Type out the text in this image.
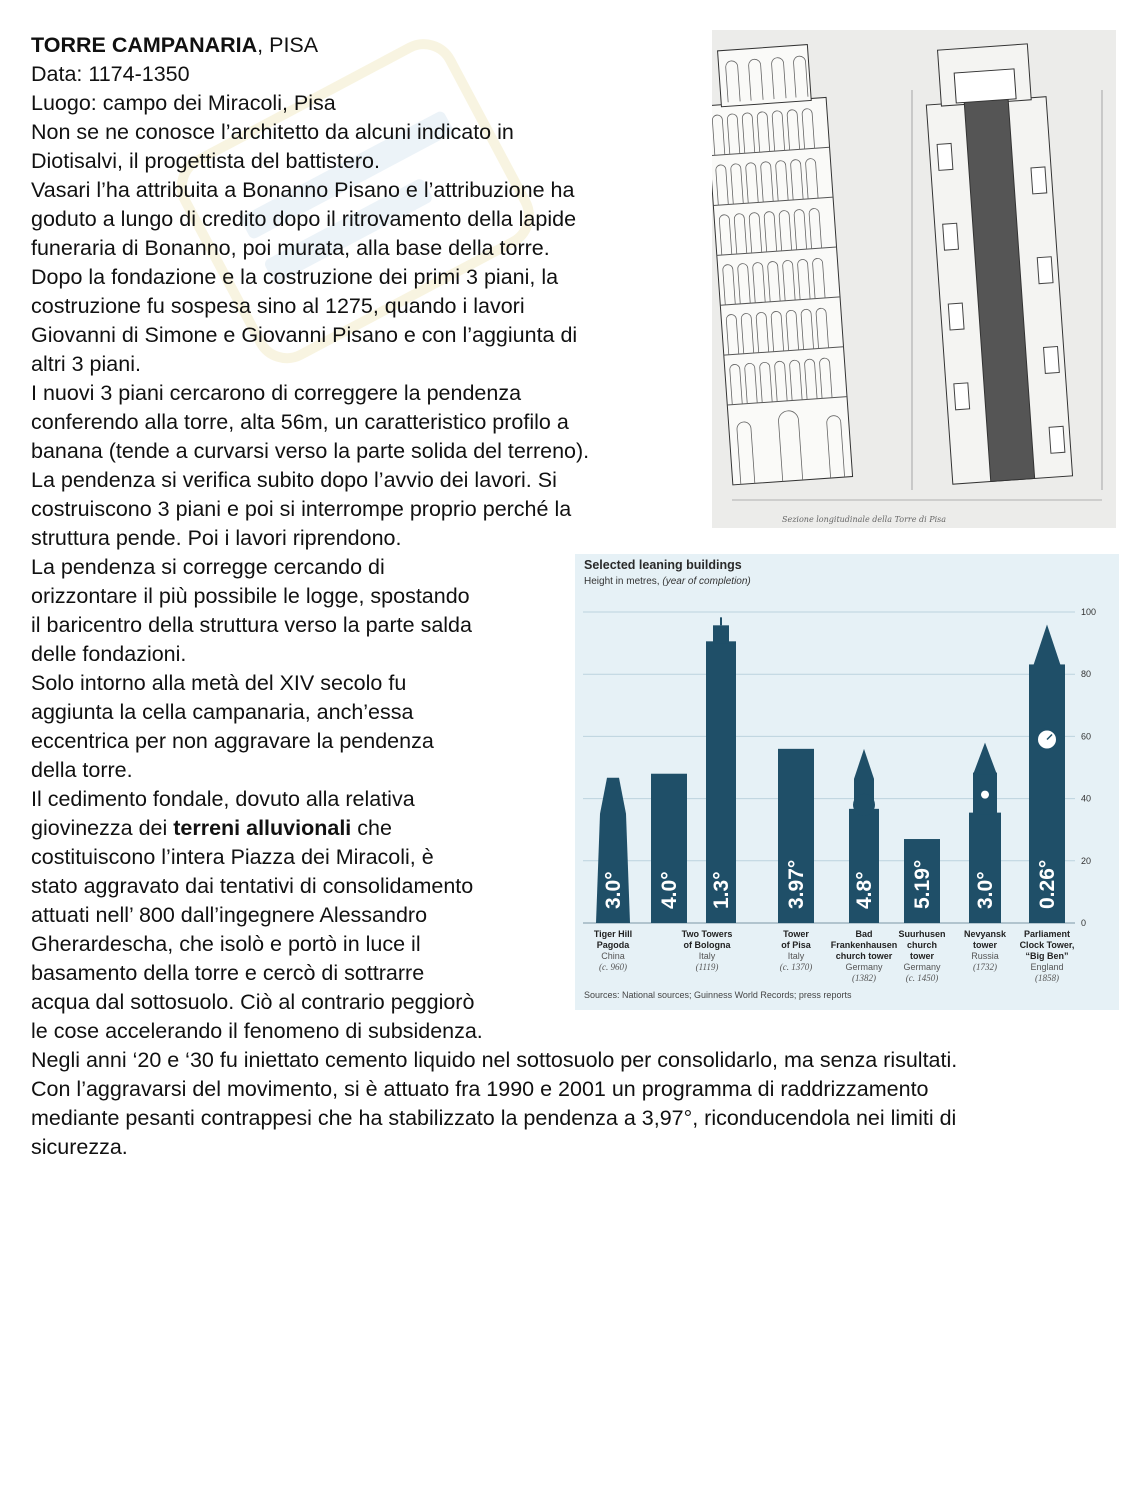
TORRE CAMPANARIA, PISA
Data: 1174-1350
Luogo: campo dei Miracoli, Pisa
Non se ne conosce l’architetto da alcuni indicato in
Diotisalvi, il progettista del battistero.
Vasari l’ha attribuita a Bonanno Pisano e l’attribuzione ha
goduto a lungo di credito dopo il ritrovamento della lapide
funeraria di Bonanno, poi murata, alla base della torre.
Dopo la fondazione e la costruzione dei primi 3 piani, la
costruzione fu sospesa sino al 1275, quando i lavori
Giovanni di Simone e Giovanni Pisano e con l’aggiunta di
altri 3 piani.
I nuovi 3 piani cercarono di correggere la pendenza
conferendo alla torre, alta 56m, un caratteristico profilo a
banana (tende a curvarsi verso la parte solida del terreno).
La pendenza si verifica subito dopo l’avvio dei lavori. Si
costruiscono 3 piani e poi si interrompe proprio perché la
struttura pende. Poi i lavori riprendono.
La pendenza si corregge cercando di
orizzontare il più possibile le logge, spostando
il baricentro della struttura verso la parte salda
delle fondazioni.
Solo intorno alla metà del XIV secolo fu
aggiunta la cella campanaria, anch’essa
eccentrica per non aggravare la pendenza
della torre.
Il cedimento fondale, dovuto alla relativa
giovinezza dei terreni alluvionali che
costituiscono l’intera Piazza dei Miracoli, è
stato aggravato dai tentativi di consolidamento
attuati nell’ 800 dall’ingegnere Alessandro
Gherardescha, che isolò e portò in luce il
basamento della torre e cercò di sottrarre
acqua dal sottosuolo. Ciò al contrario peggiorò
le cose accelerando il fenomeno di subsidenza.
Negli anni ‘20 e ‘30 fu iniettato cemento liquido nel sottosuolo per consolidarlo, ma senza risultati.
Con l’aggravarsi del movimento, si è attuato fra 1990 e 2001 un programma di raddrizzamento
mediante pesanti contrappesi che ha stabilizzato la pendenza a 3,97°, riconducendola nei limiti di
sicurezza.
Sezione longitudinale della Torre di Pisa
Selected leaning buildings
Height in metres, (year of completion)
0
20
40
60
80
100
3.0° 4.0° 1.3° 3.97° 4.8° 5.19° 3.0° 0.26°
Tiger Hill
Pagoda
China
(c. 960)
Tower
of Pisa
Italy
(c. 1370)
Bad
Frankenhausen
church tower
Germany
(1382)
Suurhusen
church
tower
Germany
(c. 1450)
Nevyansk
tower
Russia
(1732)
Parliament
Clock Tower,
“Big Ben”
England
(1858)
Two Towers
of Bologna
Italy
(1119)
Sources: National sources; Guinness World Records; press reports
